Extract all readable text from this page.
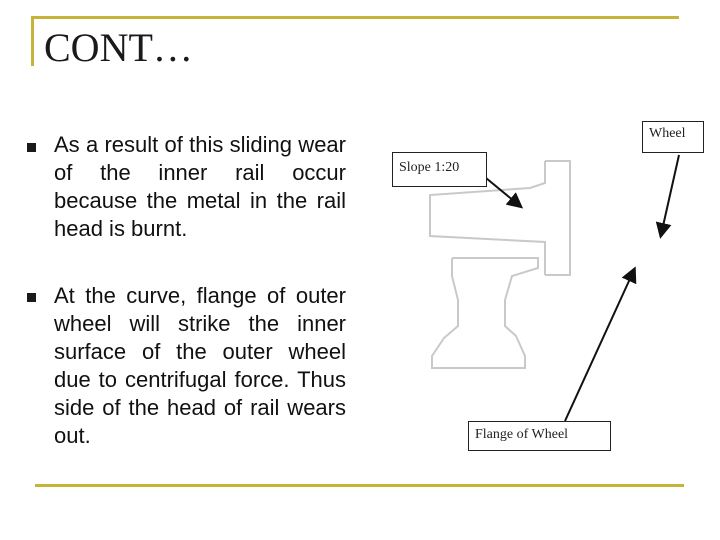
CONT…
As a result of this sliding wear of the inner rail occur because the metal in the rail head is burnt.
At the curve, flange of outer wheel will strike the inner surface of the outer wheel due to centrifugal force. Thus side of the head of rail wears out.
Wheel
Slope 1:20
Flange of Wheel
